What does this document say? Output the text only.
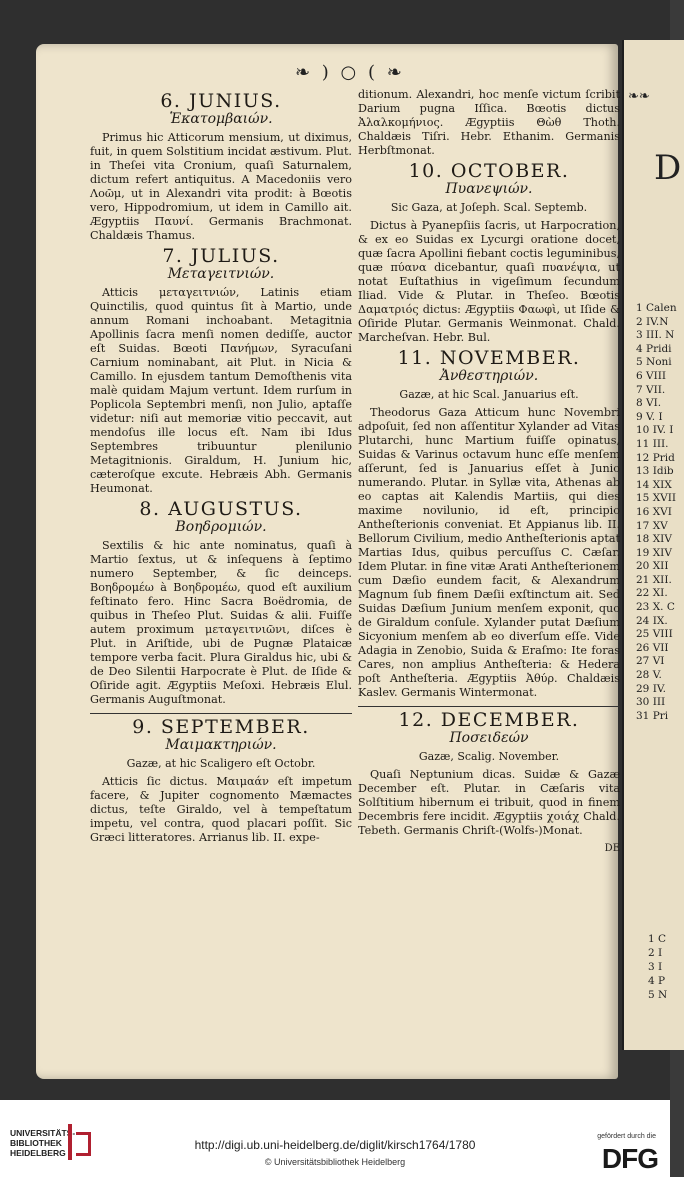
❧❧
D
1 Calen
2 IV.N
3 III. N
4 Pridi
5 Noni
6 VIII
7 VII.
8 VI.
9 V. I
10 IV. I
11 III.
12 Prid
13 Idib
14 XIX
15 XVII
16 XVI
17 XV
18 XIV
19 XIV
20 XII
21 XII.
22 XI.
23 X. C
24 IX.
25 VIII
26 VII
27 VI
28 V.
29 IV.
30 III
31 Pri
1 C
2 I
3 I
4 P
5 N
❧ ) ○ ( ❧
6. JUNIUS.
Ἑκατομβαιών.

Primus hic Atticorum mensium, ut diximus, fuit, in quem Solstitium incidat æstivum. Plut. in Theſei vita Cronium, quaſi Saturnalem, dictum refert antiquitus. A Macedoniis vero Λοῶμ, ut in Alexandri vita prodit: à Bœotis vero, Hippodromium, ut idem in Camillo ait. Ægyptiis Παυνί. Germanis Brachmonat. Chaldæis Thamus.

7. JULIUS.
Μεταγειτνιών.

Atticis μεταγειτνιών, Latinis etiam Quinctilis, quod quintus ſit à Martio, unde annum Romani inchoabant. Metagitnia Apollinis ſacra menſi nomen dediſſe, auctor eſt Suidas. Bœoti Πανήμων, Syracuſani Carnium nominabant, ait Plut. in Nicia & Camillo. In ejusdem tantum Demoſthenis vita malè quidam Majum vertunt. Idem rurſum in Poplicola Septembri menſi, non Julio, aptaſſe videtur: niſi aut memoriæ vitio peccavit, aut mendoſus ille locus eſt. Nam ibi Idus Septembres tribuuntur plenilunio Metagitnionis. Giraldum, H. Junium hic, cæteroſque excute. Hebræis Abh. Germanis Heumonat.

8. AUGUSTUS.
Βοηδρομιών.

Sextilis & hic ante nominatus, quaſi à Martio ſextus, ut & inſequens à ſeptimo numero September, & ſic deinceps. Βοηδρομέω à Βοηδρομέω, quod eſt auxilium feſtinato fero. Hinc Sacra Boëdromia, de quibus in Theſeo Plut. Suidas & alii. Fuiſſe autem proximum μεταγειτνιῶνι, diſces è Plut. in Ariſtide, ubi de Pugnæ Plataicæ tempore verba facit. Plura Giraldus hic, ubi & de Deo Silentii Harpocrate è Plut. de Iſide & Oſiride agit. Ægyptiis Meſoxi. Hebræis Elul. Germanis Auguſtmonat.

9. SEPTEMBER.
Μαιμακτηριών.
Gazæ, at hic Scaligero eſt Octobr.

Atticis ſic dictus. Μαιμαάν eſt impetum facere, & Jupiter cognomento Mæmactes dictus, teſte Giraldo, vel à tempeſtatum impetu, vel contra, quod placari poſſit. Sic Græci litteratores. Arrianus lib. II. expe-

ditionum. Alexandri, hoc menſe victum ſcribit Darium pugna Iſſica. Bœotis dictus Ἀλαλκομήνιος. Ægyptiis Θὼθ Thoth. Chaldæis Tiſri. Hebr. Ethanim. Germanis Herbſtmonat.

10. OCTOBER.
Πυανεψιών.
Sic Gaza, at Joſeph. Scal. Septemb.

Dictus à Pyanepſiis ſacris, ut Harpocration, & ex eo Suidas ex Lycurgi oratione docet, quæ ſacra Apollini fiebant coctis leguminibus, quæ πύανα dicebantur, quaſi πυανέψια, ut notat Euſtathius in vigeſimum ſecundum Iliad. Vide & Plutar. in Theſeo. Bœotis Δαματριός dictus: Ægyptiis Φαωφὶ, ut Iſide & Oſiride Plutar. Germanis Weinmonat. Chald. Marcheſvan. Hebr. Bul.

11. NOVEMBER.
Ἀνθεστηριών.
Gazæ, at hic Scal. Januarius eſt.

Theodorus Gaza Atticum hunc Novembri adpoſuit, ſed non aſſentitur Xylander ad Vitas Plutarchi, hunc Martium fuiſſe opinatus, Suidas & Varinus octavum hunc eſſe menſem aſſerunt, ſed is Januarius eſſet à Junio numerando. Plutar. in Syllæ vita, Athenas ab eo captas ait Kalendis Martiis, qui dies maxime novilunio, id eſt, principio Antheſterionis conveniat. Et Appianus lib. II. Bellorum Civilium, medio Antheſterionis aptat Martias Idus, quibus percuſſus C. Cæſar. Idem Plutar. in fine vitæ Arati Antheſterionem cum Dæſio eundem facit, & Alexandrum Magnum ſub finem Dæſii exſtinctum ait. Sed Suidas Dæſium Junium menſem exponit, quo de Giraldum conſule. Xylander putat Dæſium Sicyonium menſem ab eo diverſum eſſe. Vide Adagia in Zenobio, Suida & Eraſmo: Ite foras Cares, non amplius Antheſteria: & Hedera poſt Antheſteria. Ægyptiis Ἀθύρ. Chaldæis Kaslev. Germanis Wintermonat.

12. DECEMBER.
Ποσειδεών
Gazæ, Scalig. November.

Quaſi Neptunium dicas. Suidæ & Gazæ December eſt. Plutar. in Cæſaris vita Solſtitium hibernum ei tribuit, quod in finem Decembris fere incidit. Ægyptiis χοιάχ Chald. Tebeth. Germanis Chriſt-(Wolfs-)Monat.

DE
UNIVERSITÄTS-
BIBLIOTHEK
HEIDELBERG
http://digi.ub.uni-heidelberg.de/diglit/kirsch1764/1780
© Universitätsbibliothek Heidelberg
gefördert durch die
DFG
